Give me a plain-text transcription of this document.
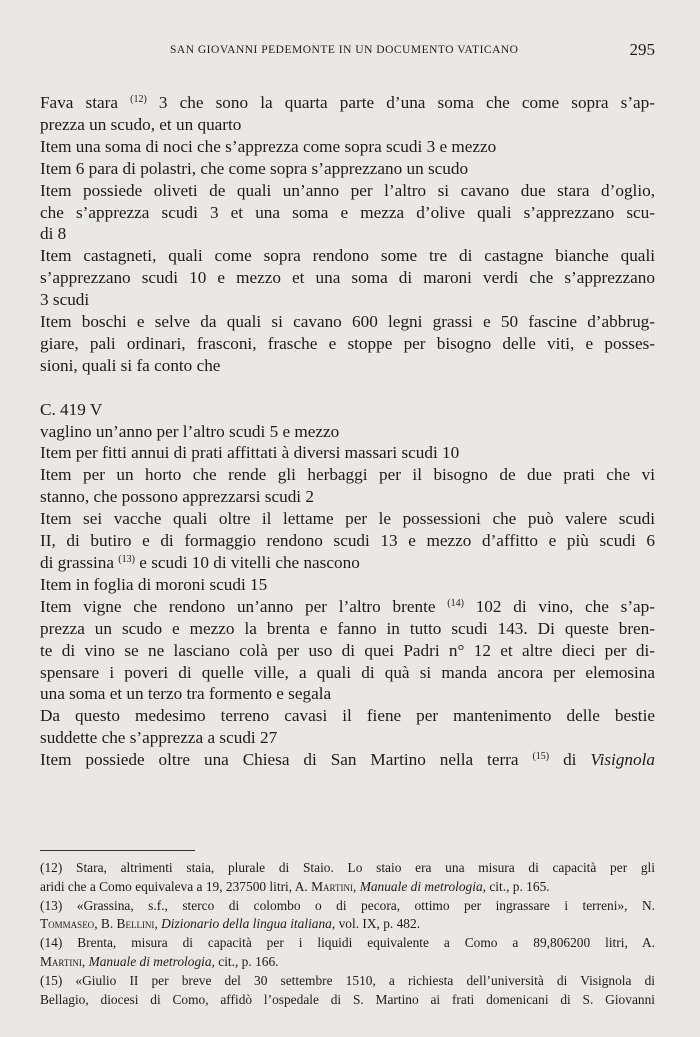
SAN GIOVANNI PEDEMONTE IN UN DOCUMENTO VATICANO	295
Fava stara $^{(12)}$ 3 che sono la quarta parte d’una soma che come sopra s’ap-
prezza un scudo, et un quarto
Item una soma di noci che s’apprezza come sopra scudi 3 e mezzo
Item 6 para di polastri, che come sopra s’apprezzano un scudo
Item possiede oliveti de quali un’anno per l’altro si cavano due stara d’oglio,
che s’apprezza scudi 3 et una soma e mezza d’olive quali s’apprezzano scu-
di 8
Item castagneti, quali come sopra rendono some tre di castagne bianche quali
s’apprezzano scudi 10 e mezzo et una soma di maroni verdi che s’apprezzano
3 scudi
Item boschi e selve da quali si cavano 600 legni grassi e 50 fascine d’abbrug-
giare, pali ordinari, frasconi, frasche e stoppe per bisogno delle viti, e posses-
sioni, quali si fa conto che
C. 419 V
vaglino un’anno per l’altro scudi 5 e mezzo
Item per fitti annui di prati affittati à diversi massari scudi 10
Item per un horto che rende gli herbaggi per il bisogno de due prati che vi
stanno, che possono apprezzarsi scudi 2
Item sei vacche quali oltre il lettame per le possessioni che può valere scudi
II, di butiro e di formaggio rendono scudi 13 e mezzo d’affitto e più scudi 6
di grassina $^{(13)}$ e scudi 10 di vitelli che nascono
Item in foglia di moroni scudi 15
Item vigne che rendono un’anno per l’altro brente $^{(14)}$ 102 di vino, che s’ap-
prezza un scudo e mezzo la brenta e fanno in tutto scudi 143. Di queste bren-
te di vino se ne lasciano colà per uso di quei Padri n° 12 et altre dieci per di-
spensare i poveri di quelle ville, a quali di quà si manda ancora per elemosina
una soma et un terzo tra formento e segala
Da questo medesimo terreno cavasi il fiene per mantenimento delle bestie
suddette che s’apprezza a scudi 27
Item possiede oltre una Chiesa di San Martino nella terra $^{(15)}$ di Visignola
(12) Stara, altrimenti staia, plurale di Staio. Lo staio era una misura di capacità per gli
aridi che a Como equivaleva a 19, 237500 litri, A. Martini, Manuale di metrologia, cit., p. 165.
(13) «Grassina, s.f., sterco di colombo o di pecora, ottimo per ingrassare i terreni», N.
Tommaseo, B. Bellini, Dizionario della lingua italiana, vol. IX, p. 482.
(14) Brenta, misura di capacità per i liquidi equivalente a Como a 89,806200 litri, A.
Martini, Manuale di metrologia, cit., p. 166.
(15) «Giulio II per breve del 30 settembre 1510, a richiesta dell’università di Visignola di
Bellagio, diocesi di Como, affidò l’ospedale di S. Martino ai frati domenicani di S. Giovanni
